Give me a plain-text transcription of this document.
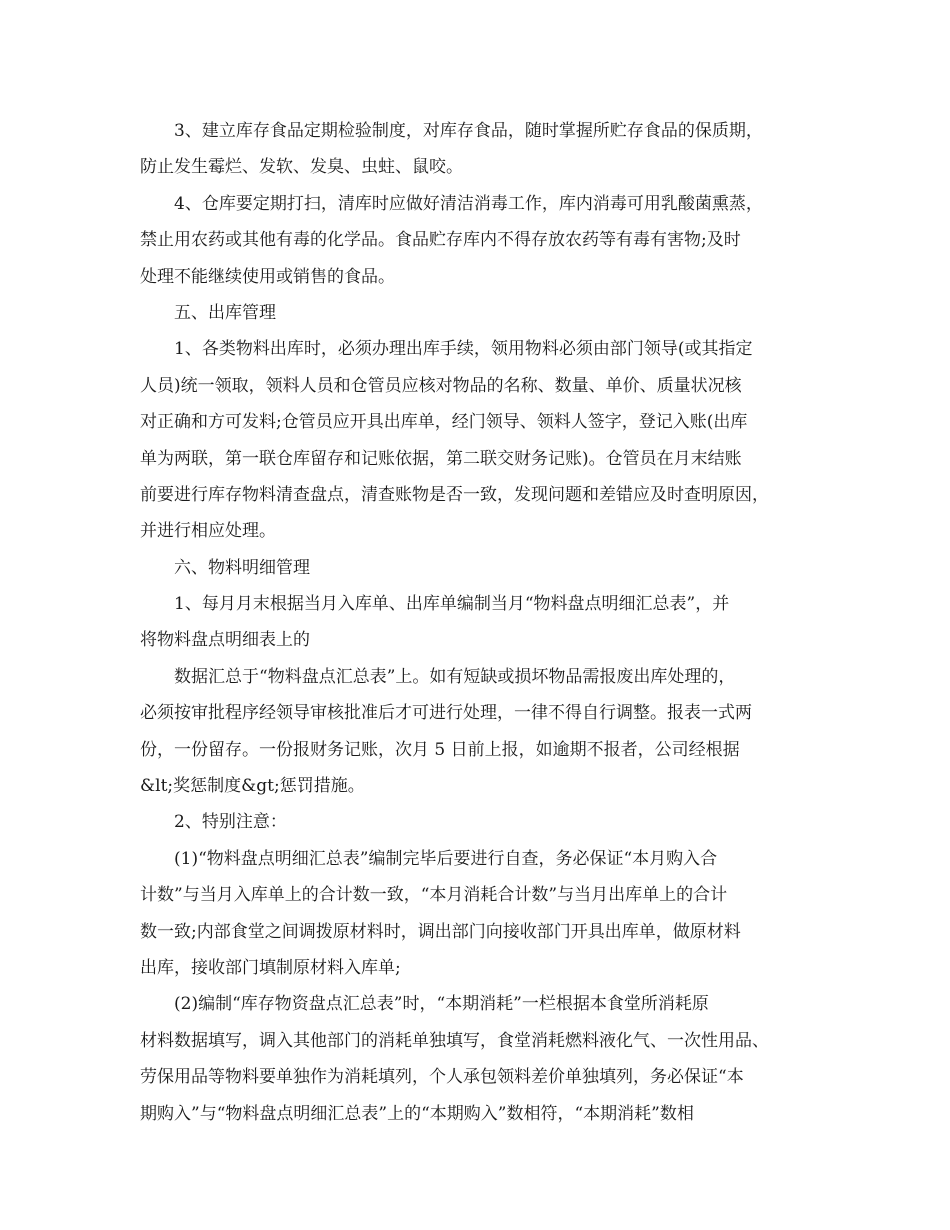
3、建立库存食品定期检验制度，对库存食品，随时掌握所贮存食品的保质期，
防止发生霉烂、发软、发臭、虫蛀、鼠咬。
4、仓库要定期打扫，清库时应做好清洁消毒工作，库内消毒可用乳酸菌熏蒸，
禁止用农药或其他有毒的化学品。食品贮存库内不得存放农药等有毒有害物;及时
处理不能继续使用或销售的食品。
五、出库管理
1、各类物料出库时，必须办理出库手续，领用物料必须由部门领导(或其指定
人员)统一领取，领料人员和仓管员应核对物品的名称、数量、单价、质量状况核
对正确和方可发料;仓管员应开具出库单，经门领导、领料人签字，登记入账(出库
单为两联，第一联仓库留存和记账依据，第二联交财务记账)。仓管员在月末结账
前要进行库存物料清查盘点，清查账物是否一致，发现问题和差错应及时查明原因，
并进行相应处理。
六、物料明细管理
1、每月月末根据当月入库单、出库单编制当月“物料盘点明细汇总表”，并
将物料盘点明细表上的
数据汇总于“物料盘点汇总表”上。如有短缺或损坏物品需报废出库处理的，
必须按审批程序经领导审核批准后才可进行处理，一律不得自行调整。报表一式两
份，一份留存。一份报财务记账，次月 5 日前上报，如逾期不报者，公司经根据
&lt;奖惩制度&gt;惩罚措施。
2、特别注意：
(1)“物料盘点明细汇总表”编制完毕后要进行自查，务必保证“本月购入合
计数”与当月入库单上的合计数一致，“本月消耗合计数”与当月出库单上的合计
数一致;内部食堂之间调拨原材料时，调出部门向接收部门开具出库单，做原材料
出库，接收部门填制原材料入库单;
(2)编制“库存物资盘点汇总表”时，“本期消耗”一栏根据本食堂所消耗原
材料数据填写，调入其他部门的消耗单独填写，食堂消耗燃料液化气、一次性用品、
劳保用品等物料要单独作为消耗填列，个人承包领料差价单独填列，务必保证“本
期购入”与“物料盘点明细汇总表”上的“本期购入”数相符，“本期消耗”数相
